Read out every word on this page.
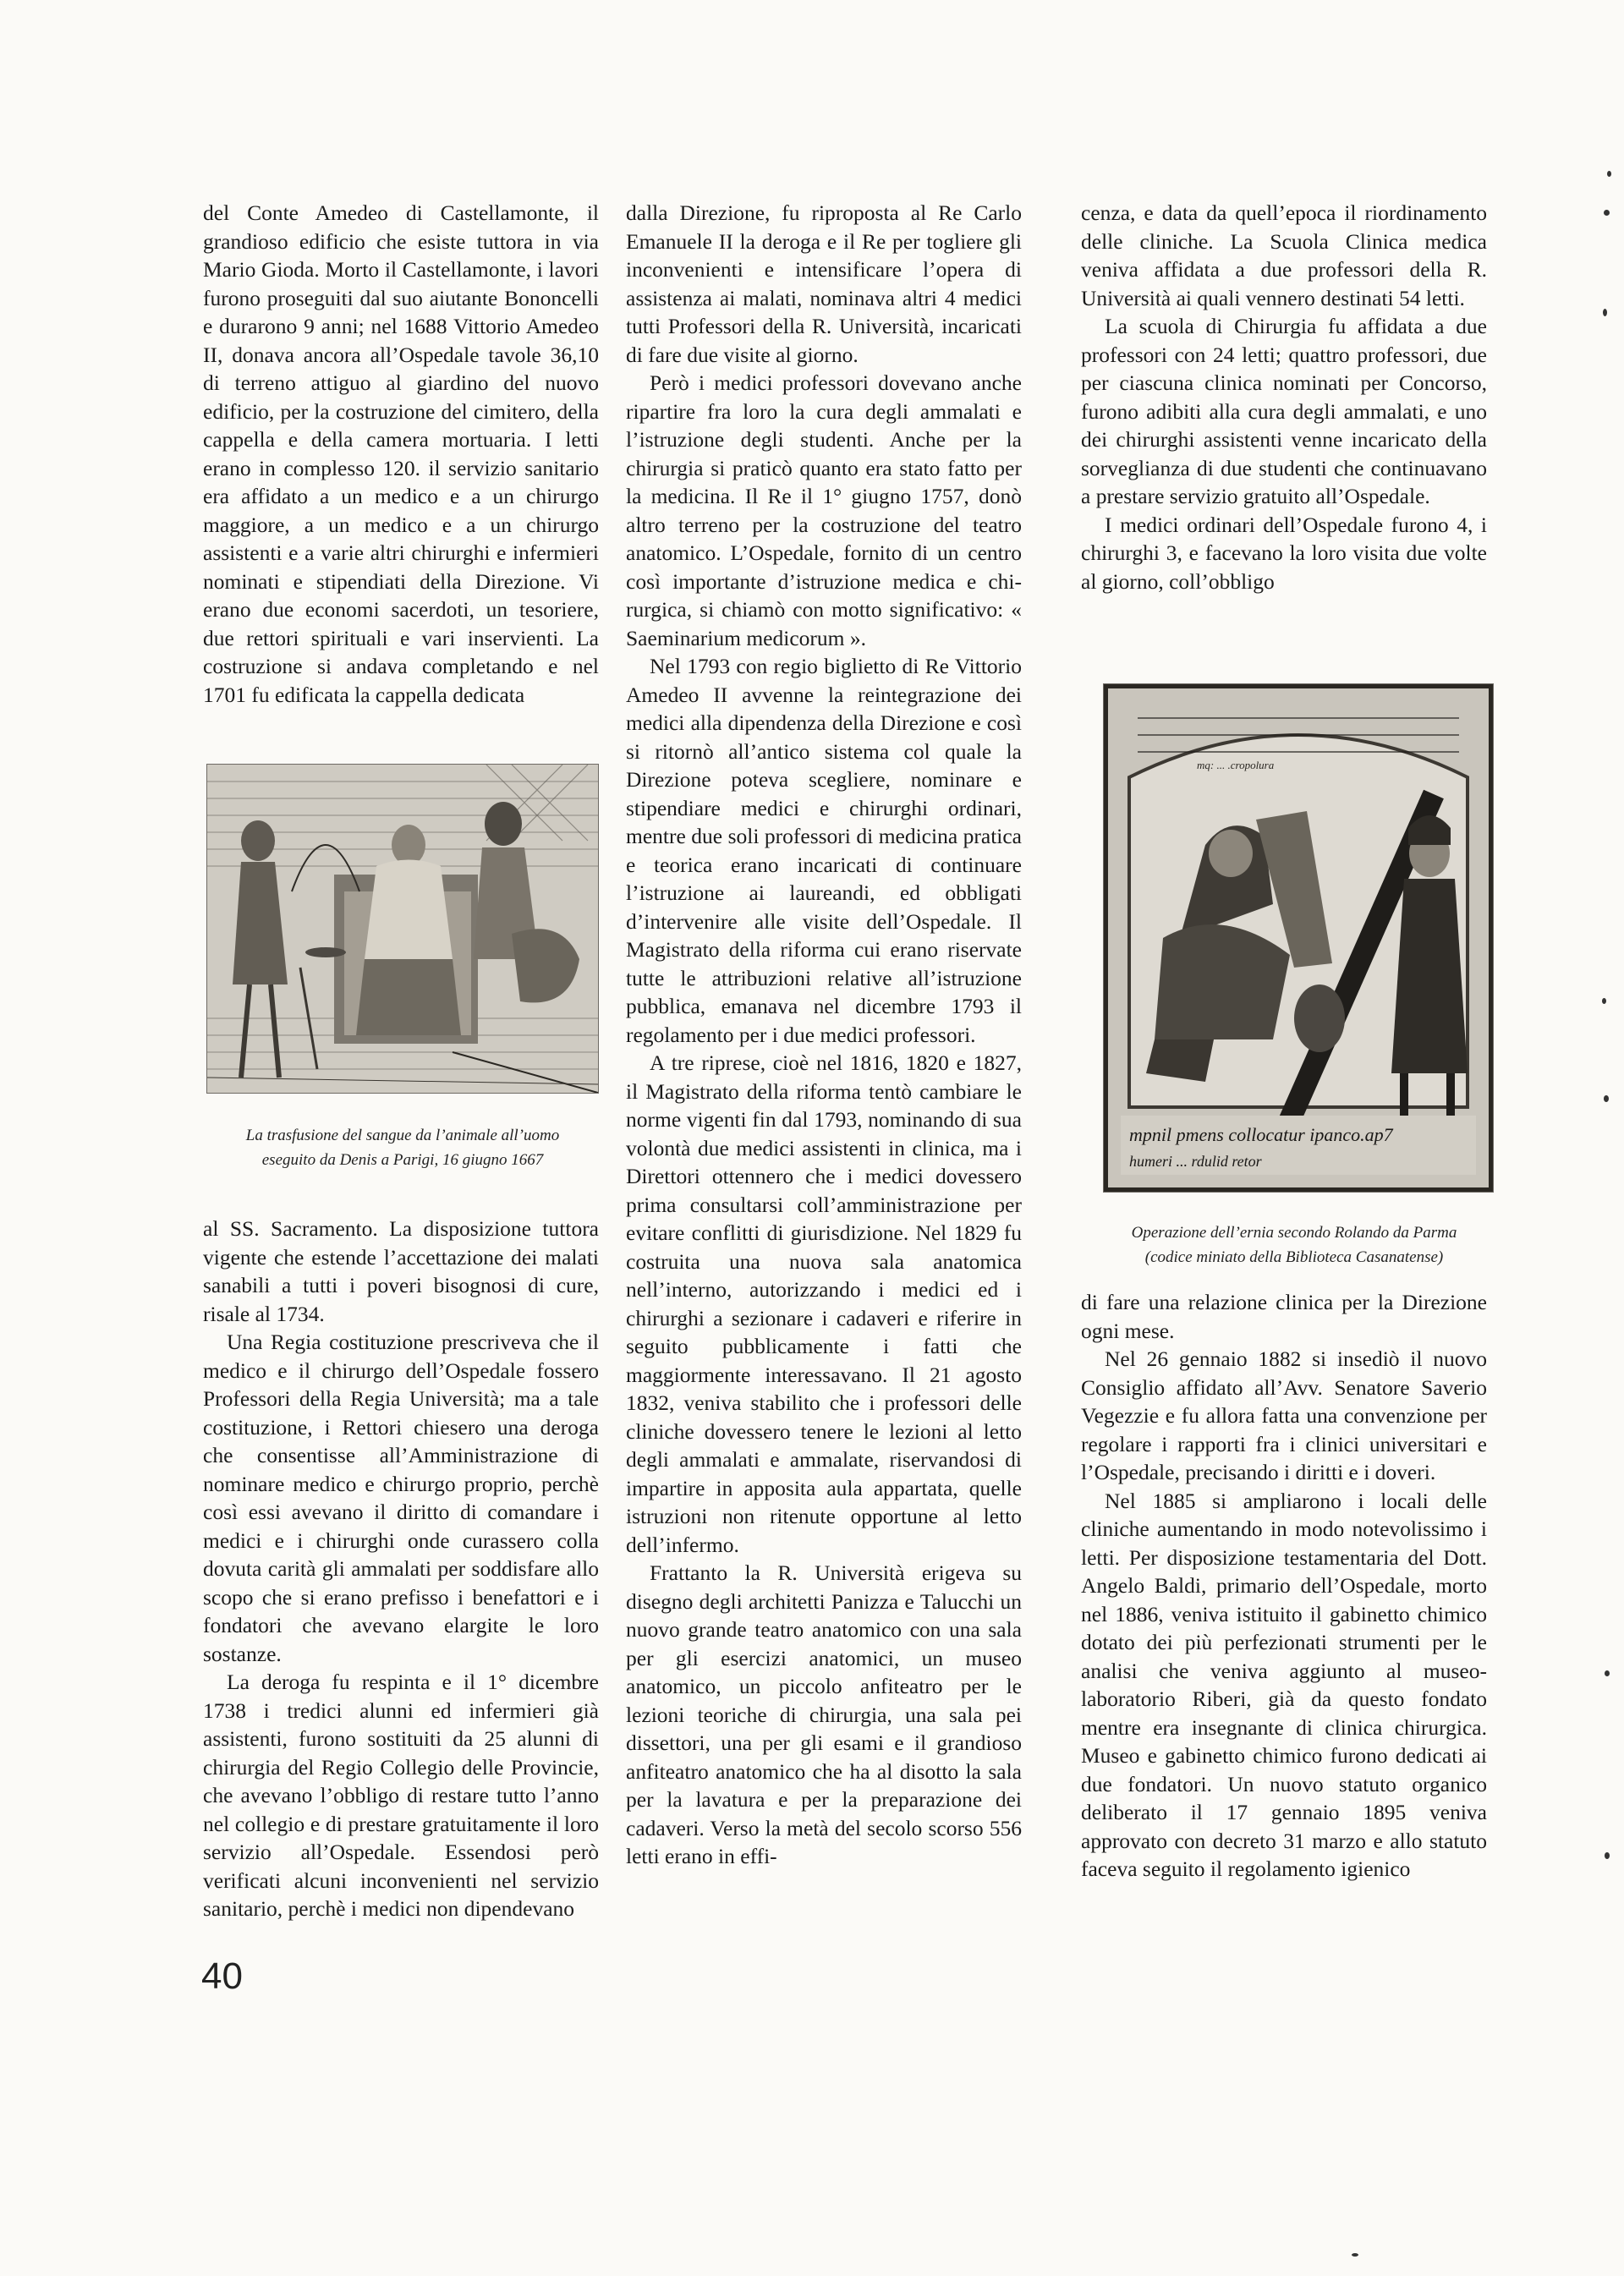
del Conte Amedeo di Castellamonte, il grandioso edificio che esiste tuttora in via Mario Gioda. Morto il Castellamonte, i lavori furono proseguiti dal suo aiutante Bononcelli e durarono 9 anni; nel 1688 Vittorio Amedeo II, donava ancora all’Ospedale tavole 36,10 di terreno attiguo al giardino del nuovo edificio, per la costruzione del cimitero, della cappella e della camera mortuaria. I letti erano in complesso 120. il servizio sanitario era affidato a un medico e a un chirurgo maggiore, a un medico e a un chirurgo assistenti e a varie altri chirurghi e infermieri nominati e stipendiati della Direzione. Vi erano due economi sacerdoti, un tesoriere, due rettori spirituali e vari inservienti. La costruzione si andava completando e nel 1701 fu edificata la cappella dedicata

La trasfusione del sangue da l’animale all’uomo
eseguito da Denis a Parigi, 16 giugno 1667

al SS. Sacramento. La disposizione tuttora vigente che estende l’accettazione dei malati sanabili a tutti i poveri bisognosi di cure, risale al 1734.

Una Regia costituzione prescriveva che il medico e il chirurgo dell’Ospedale fossero Professori della Regia Università; ma a tale costituzione, i Rettori chiesero una deroga che consentisse all’Amministrazione di nominare medico e chirurgo proprio, perchè così essi avevano il diritto di comandare i medici e i chirurghi onde curassero colla dovuta carità gli ammalati per soddisfare allo scopo che si erano prefisso i benefattori e i fondatori che avevano elargite le loro sostanze.

La deroga fu respinta e il 1° dicembre 1738 i tredici alunni ed infermieri già assistenti, furono sostituiti da 25 alunni di chirurgia del Regio Collegio delle Provincie, che avevano l’obbligo di restare tutto l’anno nel collegio e di prestare gratuitamente il loro servizio all’Ospedale. Essendosi però verificati alcuni inconvenienti nel servizio sanitario, perchè i medici non dipendevano

dalla Direzione, fu riproposta al Re Carlo Emanuele II la deroga e il Re per togliere gli inconvenienti e intensificare l’opera di assistenza ai malati, nominava altri 4 medici tutti Professori della R. Università, incaricati di fare due visite al giorno.

Però i medici professori dovevano anche ripartire fra loro la cura degli ammalati e l’istruzione degli studenti. Anche per la chirurgia si praticò quanto era stato fatto per la medicina. Il Re il 1° giugno 1757, donò altro terreno per la costruzione del teatro anatomico. L’Ospedale, fornito di un centro così importante d’istruzione medica e chirurgica, si chiamò con motto significativo: « Saeminarium medicorum ».

Nel 1793 con regio biglietto di Re Vittorio Amedeo II avvenne la reintegrazione dei medici alla dipendenza della Direzione e così si ritornò all’antico sistema col quale la Direzione poteva scegliere, nominare e stipendiare medici e chirurghi ordinari, mentre due soli professori di medicina pratica e teorica erano incaricati di continuare l’istruzione ai laureandi, ed obbligati d’intervenire alle visite dell’Ospedale. Il Magistrato della riforma cui erano riservate tutte le attribuzioni relative all’istruzione pubblica, emanava nel dicembre 1793 il regolamento per i due medici professori.

A tre riprese, cioè nel 1816, 1820 e 1827, il Magistrato della riforma tentò cambiare le norme vigenti fin dal 1793, nominando di sua volontà due medici assistenti in clinica, ma i Direttori ottennero che i medici dovessero prima consultarsi coll’amministrazione per evitare conflitti di giurisdizione. Nel 1829 fu costruita una nuova sala anatomica nell’interno, autorizzando i medici ed i chirurghi a sezionare i cadaveri e riferire in seguito pubblicamente i fatti che maggiormente interessavano. Il 21 agosto 1832, veniva stabilito che i professori delle cliniche dovessero tenere le lezioni al letto degli ammalati e ammalate, riservandosi di impartire in apposita aula appartata, quelle istruzioni non ritenute opportune al letto dell’infermo.

Frattanto la R. Università erigeva su disegno degli architetti Panizza e Talucchi un nuovo grande teatro anatomico con una sala per gli esercizi anatomici, un museo anatomico, un piccolo anfiteatro per le lezioni teoriche di chirurgia, una sala pei dissettori, una per gli esami e il grandioso anfiteatro anatomico che ha al disotto la sala per la lavatura e per la preparazione dei cadaveri. Verso la metà del secolo scorso 556 letti erano in effi-

cenza, e data da quell’epoca il riordinamento delle cliniche. La Scuola Clinica medica veniva affidata a due professori della R. Università ai quali vennero destinati 54 letti.

La scuola di Chirurgia fu affidata a due professori con 24 letti; quattro professori, due per ciascuna clinica nominati per Concorso, furono adibiti alla cura degli ammalati, e uno dei chirurghi assistenti venne incaricato della sorveglianza di due studenti che continuavano a prestare servizio gratuito all’Ospedale.

I medici ordinari dell’Ospedale furono 4, i chirurghi 3, e facevano la loro visita due volte al giorno, coll’obbligo

mq: ... .cropolura
mpnil pmens collocatur ipanco.ap7
humeri ... rdulid retor
Operazione dell’ernia secondo Rolando da Parma
(codice miniato della Biblioteca Casanatense)

di fare una relazione clinica per la Direzione ogni mese.

Nel 26 gennaio 1882 si insediò il nuovo Consiglio affidato all’Avv. Senatore Saverio Vegezzie e fu allora fatta una convenzione per regolare i rapporti fra i clinici universitari e l’Ospedale, precisando i diritti e i doveri.

Nel 1885 si ampliarono i locali delle cliniche aumentando in modo notevolissimo i letti. Per disposizione testamentaria del Dott. Angelo Baldi, primario dell’Ospedale, morto nel 1886, veniva istituito il gabinetto chimico dotato dei più perfezionati strumenti per le analisi che veniva aggiunto al museo-laboratorio Riberi, già da questo fondato mentre era insegnante di clinica chirurgica. Museo e gabinetto chimico furono dedicati ai due fondatori. Un nuovo statuto organico deliberato il 17 gennaio 1895 veniva approvato con decreto 31 marzo e allo statuto faceva seguito il regolamento igienico

40
